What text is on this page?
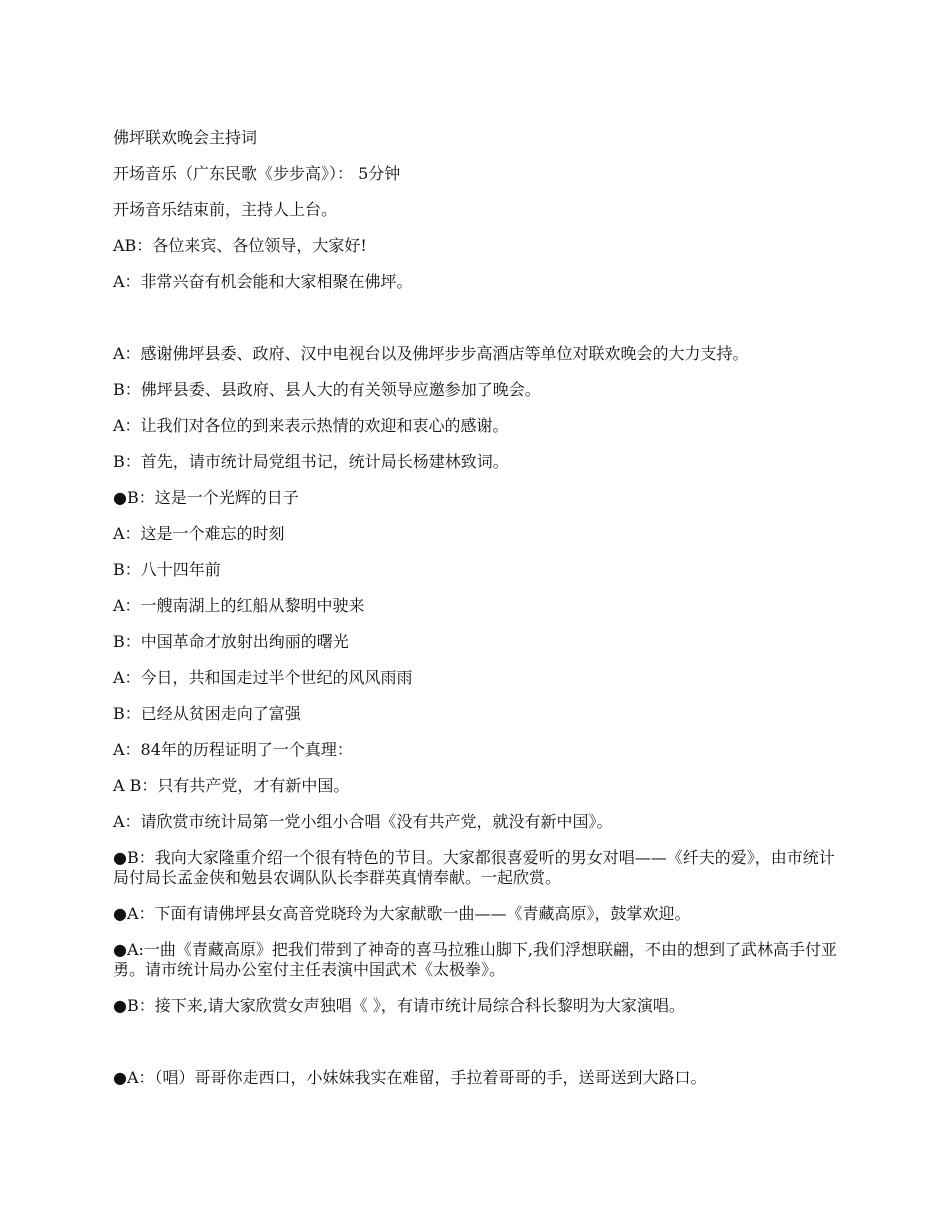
佛坪联欢晚会主持词

开场音乐（广东民歌《步步高》）： 5分钟

开场音乐结束前，主持人上台。

AB：各位来宾、各位领导，大家好!

A：非常兴奋有机会能和大家相聚在佛坪。

A：感谢佛坪县委、政府、汉中电视台以及佛坪步步高酒店等单位对联欢晚会的大力支持。

B：佛坪县委、县政府、县人大的有关领导应邀参加了晚会。

A：让我们对各位的到来表示热情的欢迎和衷心的感谢。

B：首先，请市统计局党组书记，统计局长杨建林致词。

●B：这是一个光辉的日子

A：这是一个难忘的时刻

B：八十四年前

A：一艘南湖上的红船从黎明中驶来

B：中国革命才放射出绚丽的曙光

A：今日，共和国走过半个世纪的风风雨雨

B：已经从贫困走向了富强

A：84年的历程证明了一个真理：

A B：只有共产党，才有新中国。

A：请欣赏市统计局第一党小组小合唱《没有共产党，就没有新中国》。

●B：我向大家隆重介绍一个很有特色的节目。大家都很喜爱听的男女对唱——《纤夫的爱》，由市统计局付局长孟金侠和勉县农调队队长李群英真情奉献。一起欣赏。

●A：下面有请佛坪县女高音党晓玲为大家献歌一曲——《青藏高原》，鼓掌欢迎。

●A:一曲《青藏高原》把我们带到了神奇的喜马拉雅山脚下,我们浮想联翩，不由的想到了武林高手付亚勇。请市统计局办公室付主任表演中国武术《太极拳》。

●B：接下来,请大家欣赏女声独唱《 》，有请市统计局综合科长黎明为大家演唱。

●A：（唱）哥哥你走西口，小妹妹我实在难留，手拉着哥哥的手，送哥送到大路口。
